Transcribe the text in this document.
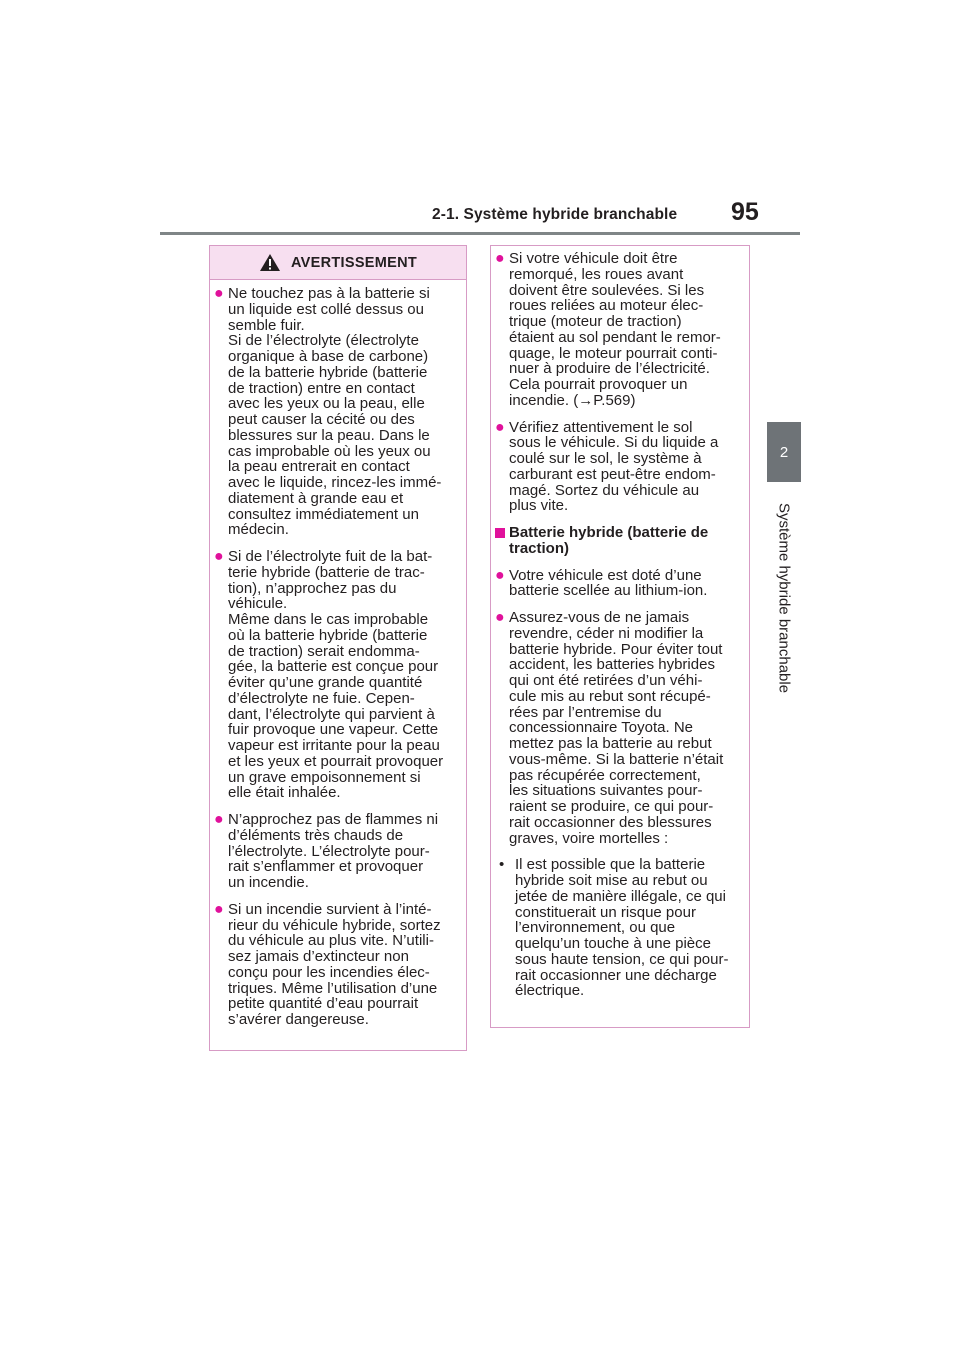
2-1. Système hybride branchable 95
2
Système hybride branchable
AVERTISSEMENT
● Ne touchez pas à la batterie si
un liquide est collé dessus ou
semble fuir.
Si de l’électrolyte (électrolyte
organique à base de carbone)
de la batterie hybride (batterie
de traction) entre en contact
avec les yeux ou la peau, elle
peut causer la cécité ou des
blessures sur la peau. Dans le
cas improbable où les yeux ou
la peau entrerait en contact
avec le liquide, rincez-les immé-
diatement à grande eau et
consultez immédiatement un
médecin.
● Si de l’électrolyte fuit de la bat-
terie hybride (batterie de trac-
tion), n’approchez pas du
véhicule.
Même dans le cas improbable
où la batterie hybride (batterie
de traction) serait endomma-
gée, la batterie est conçue pour
éviter qu’une grande quantité
d’électrolyte ne fuie. Cepen-
dant, l’électrolyte qui parvient à
fuir provoque une vapeur. Cette
vapeur est irritante pour la peau
et les yeux et pourrait provoquer
un grave empoisonnement si
elle était inhalée.
● N’approchez pas de flammes ni
d’éléments très chauds de
l’électrolyte. L’électrolyte pour-
rait s’enflammer et provoquer
un incendie.
● Si un incendie survient à l’inté-
rieur du véhicule hybride, sortez
du véhicule au plus vite. N’utili-
sez jamais d’extincteur non
conçu pour les incendies élec-
triques. Même l’utilisation d’une
petite quantité d’eau pourrait
s’avérer dangereuse.
● Si votre véhicule doit être
remorqué, les roues avant
doivent être soulevées. Si les
roues reliées au moteur élec-
trique (moteur de traction)
étaient au sol pendant le remor-
quage, le moteur pourrait conti-
nuer à produire de l’électricité.
Cela pourrait provoquer un
incendie. (→P.569)
● Vérifiez attentivement le sol
sous le véhicule. Si du liquide a
coulé sur le sol, le système à
carburant est peut-être endom-
magé. Sortez du véhicule au
plus vite.
Batterie hybride (batterie de
traction)
● Votre véhicule est doté d’une
batterie scellée au lithium-ion.
● Assurez-vous de ne jamais
revendre, céder ni modifier la
batterie hybride. Pour éviter tout
accident, les batteries hybrides
qui ont été retirées d’un véhi-
cule mis au rebut sont récupé-
rées par l’entremise du
concessionnaire Toyota. Ne
mettez pas la batterie au rebut
vous-même. Si la batterie n’était
pas récupérée correctement,
les situations suivantes pour-
raient se produire, ce qui pour-
rait occasionner des blessures
graves, voire mortelles :
• Il est possible que la batterie
hybride soit mise au rebut ou
jetée de manière illégale, ce qui
constituerait un risque pour
l’environnement, ou que
quelqu’un touche à une pièce
sous haute tension, ce qui pour-
rait occasionner une décharge
électrique.
